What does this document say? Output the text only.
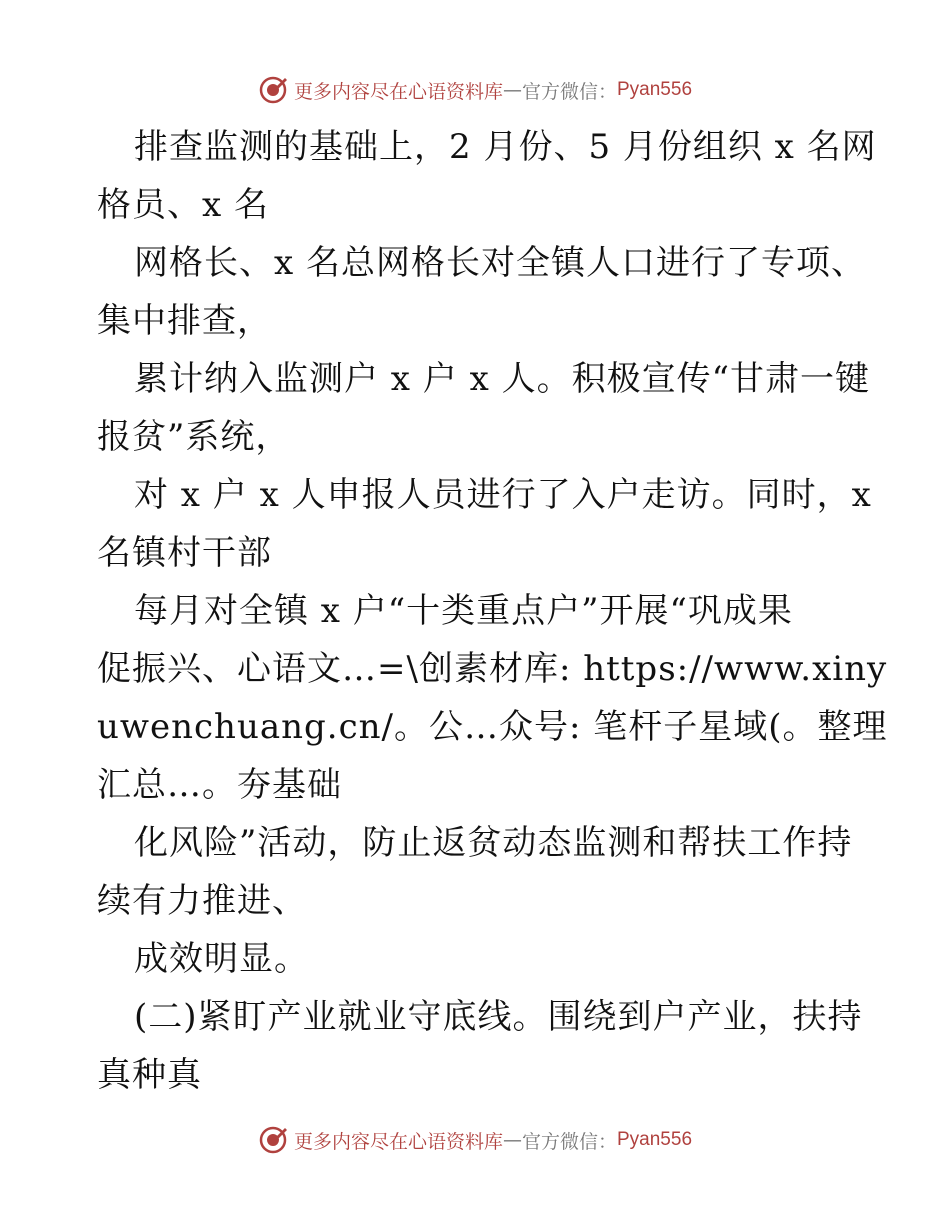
更多内容尽在心语资料库 — 官方微信： Pyan556
排查监测的基础上，2 月份、5 月份组织 x 名网
格员、x 名
网格长、x 名总网格长对全镇人口进行了专项、
集中排查，
累计纳入监测户 x 户 x 人。积极宣传“甘肃一键
报贫”系统，
对 x 户 x 人申报人员进行了入户走访。同时，x
名镇村干部
每月对全镇 x 户“十类重点户”开展“巩成果
促振兴、心语文…=\创素材库: https://www.xiny
uwenchuang.cn/。公…众号: 笔杆子星域(。整理
汇总…。夯基础
化风险”活动，防止返贫动态监测和帮扶工作持
续有力推进、
成效明显。
(二)紧盯产业就业守底线。围绕到户产业，扶持
真种真
更多内容尽在心语资料库 — 官方微信： Pyan556
